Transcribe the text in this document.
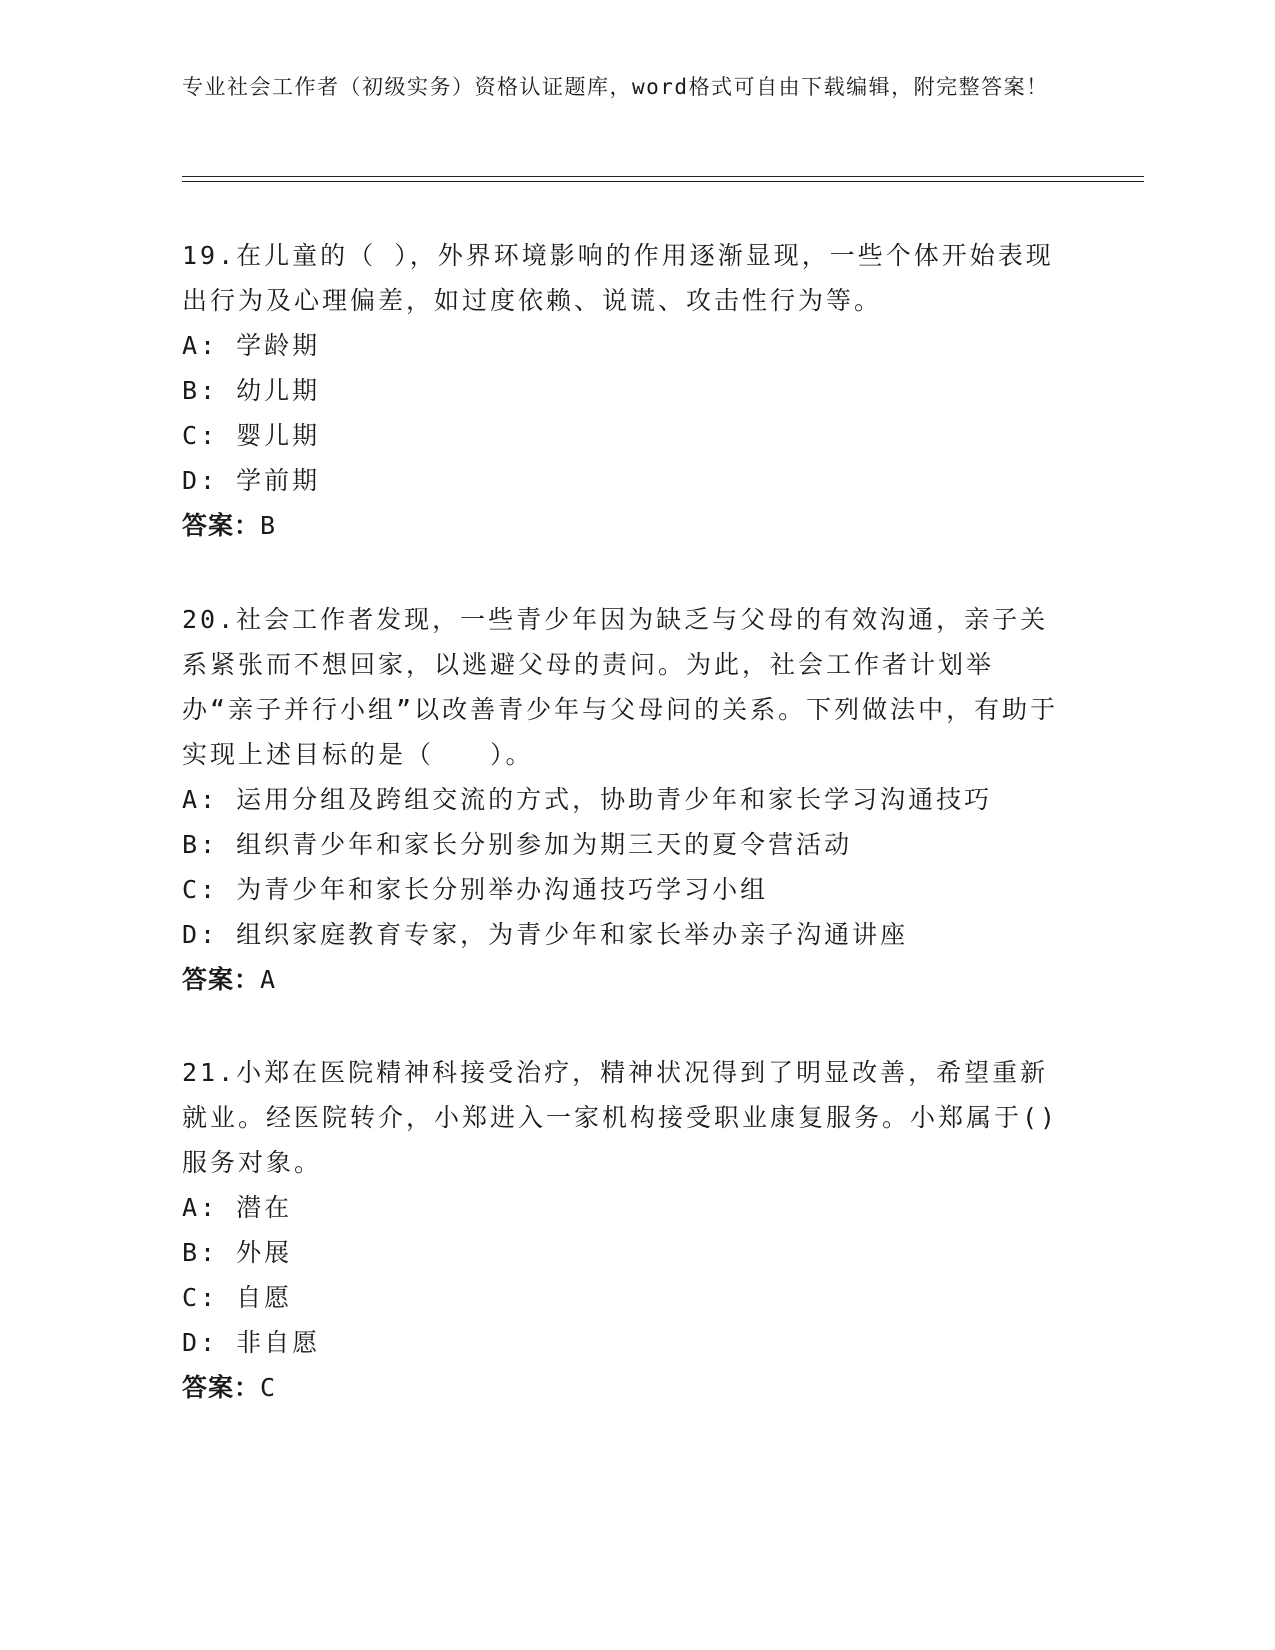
专业社会工作者（初级实务）资格认证题库，word格式可自由下载编辑，附完整答案！

19.在儿童的（ ），外界环境影响的作用逐渐显现，一些个体开始表现出行为及心理偏差，如过度依赖、说谎、攻击性行为等。

A: 学龄期

B: 幼儿期

C: 婴儿期

D: 学前期

答案：B

20.社会工作者发现，一些青少年因为缺乏与父母的有效沟通，亲子关系紧张而不想回家，以逃避父母的责问。为此，社会工作者计划举办“亲子并行小组”以改善青少年与父母问的关系。下列做法中，有助于实现上述目标的是（　　）。

A: 运用分组及跨组交流的方式，协助青少年和家长学习沟通技巧

B: 组织青少年和家长分别参加为期三天的夏令营活动

C: 为青少年和家长分别举办沟通技巧学习小组

D: 组织家庭教育专家，为青少年和家长举办亲子沟通讲座

答案：A

21.小郑在医院精神科接受治疗，精神状况得到了明显改善，希望重新就业。经医院转介，小郑进入一家机构接受职业康复服务。小郑属于()服务对象。

A: 潜在

B: 外展

C: 自愿

D: 非自愿

答案：C
